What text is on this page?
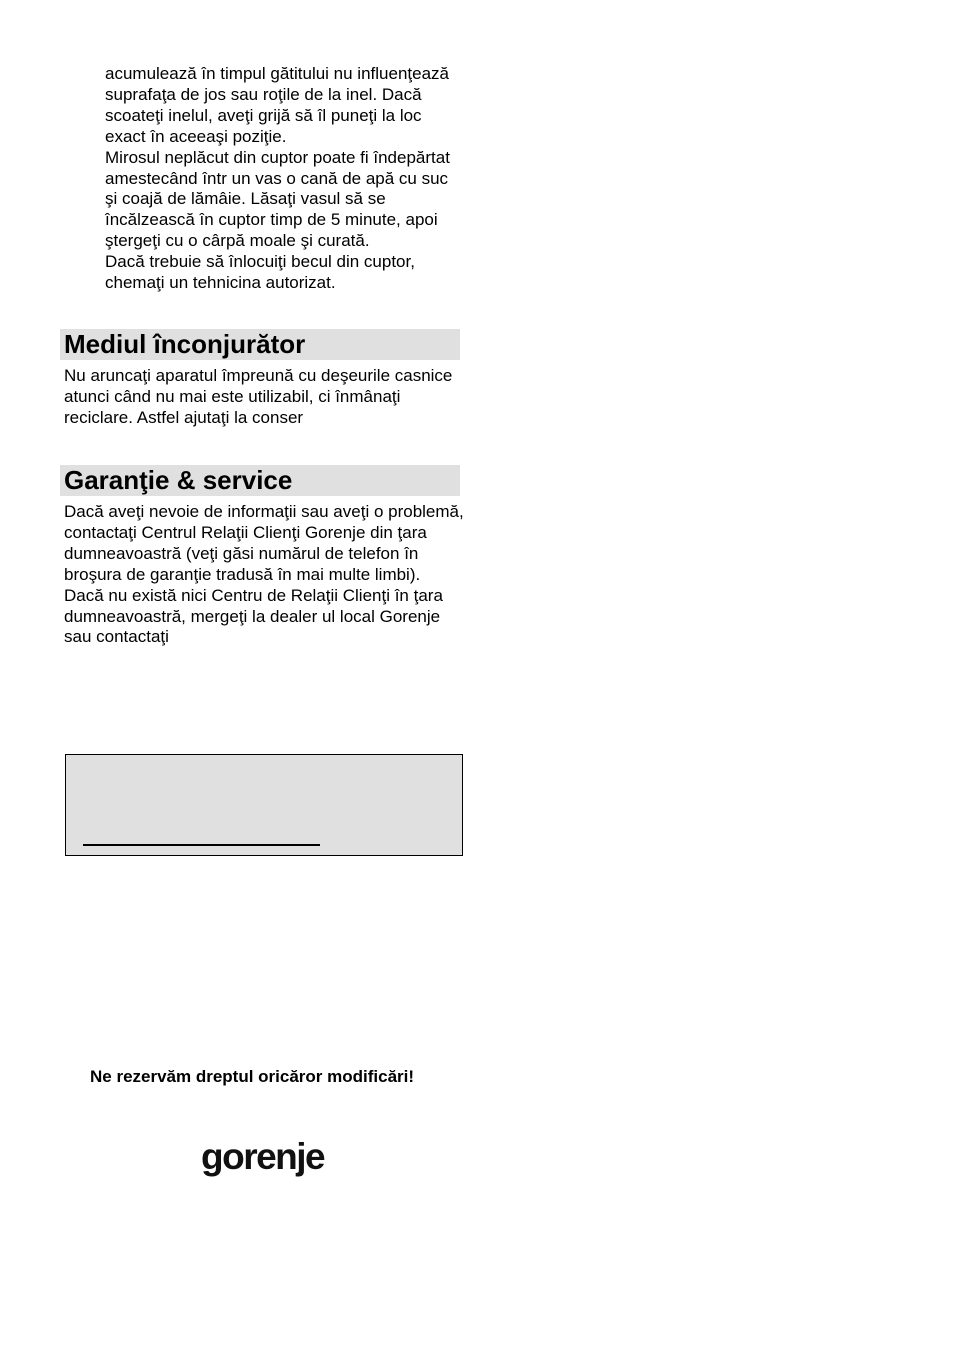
acumulează în timpul gătitului nu influenţează suprafaţa de jos sau roţile de la inel. Dacă scoateţi inelul, aveţi grijă să îl puneţi la loc exact în aceeaşi poziţie.

Mirosul neplăcut din cuptor poate fi îndepărtat amestecând într un vas o cană de apă cu suc şi coajă de lămâie. Lăsaţi vasul să se încălzească în cuptor timp de 5 minute, apoi ştergeţi cu o cârpă moale şi curată.

Dacă trebuie să înlocuiţi becul din cuptor, chemaţi un tehnicina autorizat.

Mediul înconjurător

Nu aruncaţi aparatul împreună cu deşeurile casnice atunci când nu mai este utilizabil, ci înmânaţi

reciclare. Astfel ajutaţi la conser

Garanţie & service

Dacă aveţi nevoie de informaţii sau aveţi o problemă, contactaţi Centrul Relaţii Clienţi Gorenje din ţara dumneavoastră (veţi găsi numărul de telefon în broşura de garanţie tradusă în mai multe limbi). Dacă nu există nici Centru de Relaţii Clienţi în ţara dumneavoastră, mergeţi la dealer ul local Gorenje sau contactaţi

Ne rezervăm dreptul oricăror modificări!

gorenje
